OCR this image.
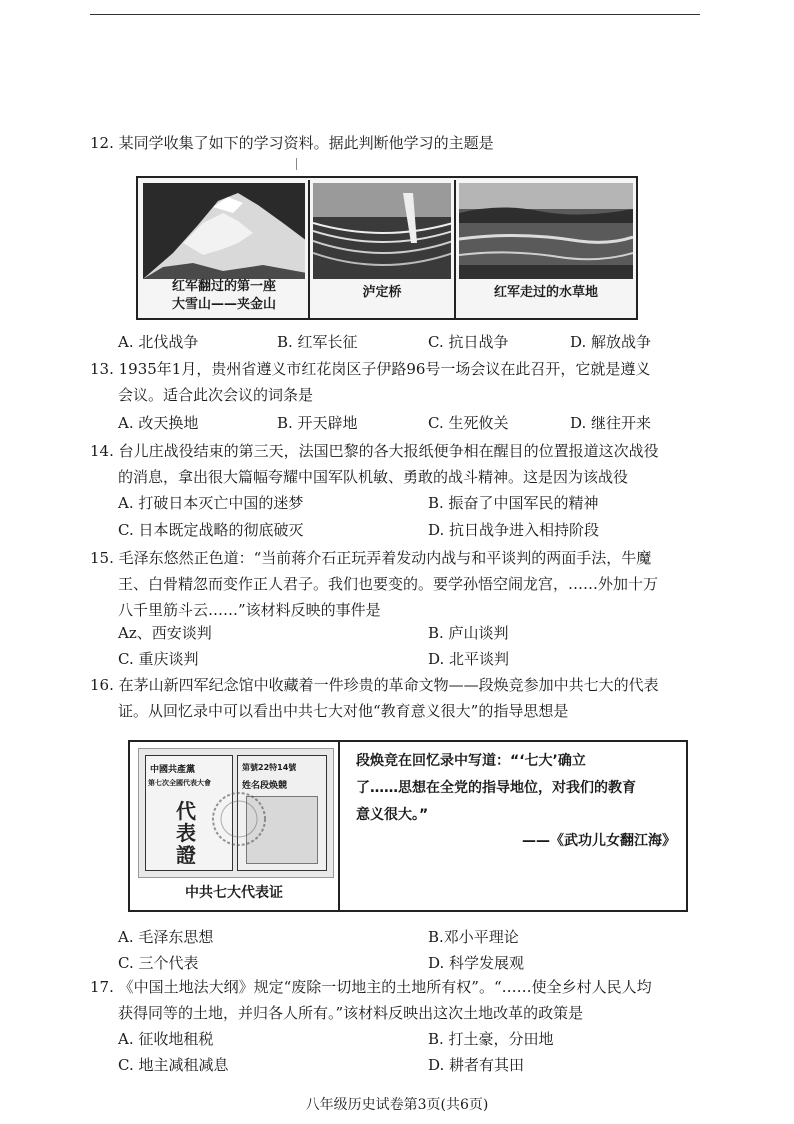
12. 某同学收集了如下的学习资料。据此判断他学习的主题是

红军翻过的第一座
大雪山——夹金山
泸定桥	红军走过的水草地
A. 北伐战争	B. 红军长征	C. 抗日战争	D. 解放战争

13. 1935年1月，贵州省遵义市红花岗区子伊路96号一场会议在此召开，它就是遵义

会议。适合此次会议的词条是

A. 改天换地	B. 开天辟地	C. 生死攸关	D. 继往开来

14. 台儿庄战役结束的第三天，法国巴黎的各大报纸便争相在醒目的位置报道这次战役

的消息，拿出很大篇幅夸耀中国军队机敏、勇敢的战斗精神。这是因为该战役

A. 打破日本灭亡中国的迷梦	B. 振奋了中国军民的精神
C. 日本既定战略的彻底破灭	D. 抗日战争进入相持阶段

15. 毛泽东悠然正色道：“当前蒋介石正玩弄着发动内战与和平谈判的两面手法，牛魔

王、白骨精忽而变作正人君子。我们也要变的。要学孙悟空闹龙宫，……外加十万

八千里筋斗云……”该材料反映的事件是

Az、西安谈判	B. 庐山谈判
C. 重庆谈判	D. 北平谈判

16. 在茅山新四军纪念馆中收藏着一件珍贵的革命文物——段焕竞参加中共七大的代表

证。从回忆录中可以看出中共七大对他“教育意义很大”的指导思想是

中國共產黨
第七次全國代表大會
代
表
證
第號22特14號
姓名段焕競
中共七大代表证

段焕竞在回忆录中写道：“‘七大’确立

了……思想在全党的指导地位，对我们的教育

意义很大。”

——《武功儿女翻江海》
A. 毛泽东思想	B.邓小平理论
C. 三个代表	D. 科学发展观

17. 《中国土地法大纲》规定“废除一切地主的土地所有权”。“……使全乡村人民人均

获得同等的土地，并归各人所有。”该材料反映出这次土地改革的政策是

A. 征收地租税	B. 打土豪，分田地
C. 地主减租减息	D. 耕者有其田
八年级历史试卷第3页(共6页)
